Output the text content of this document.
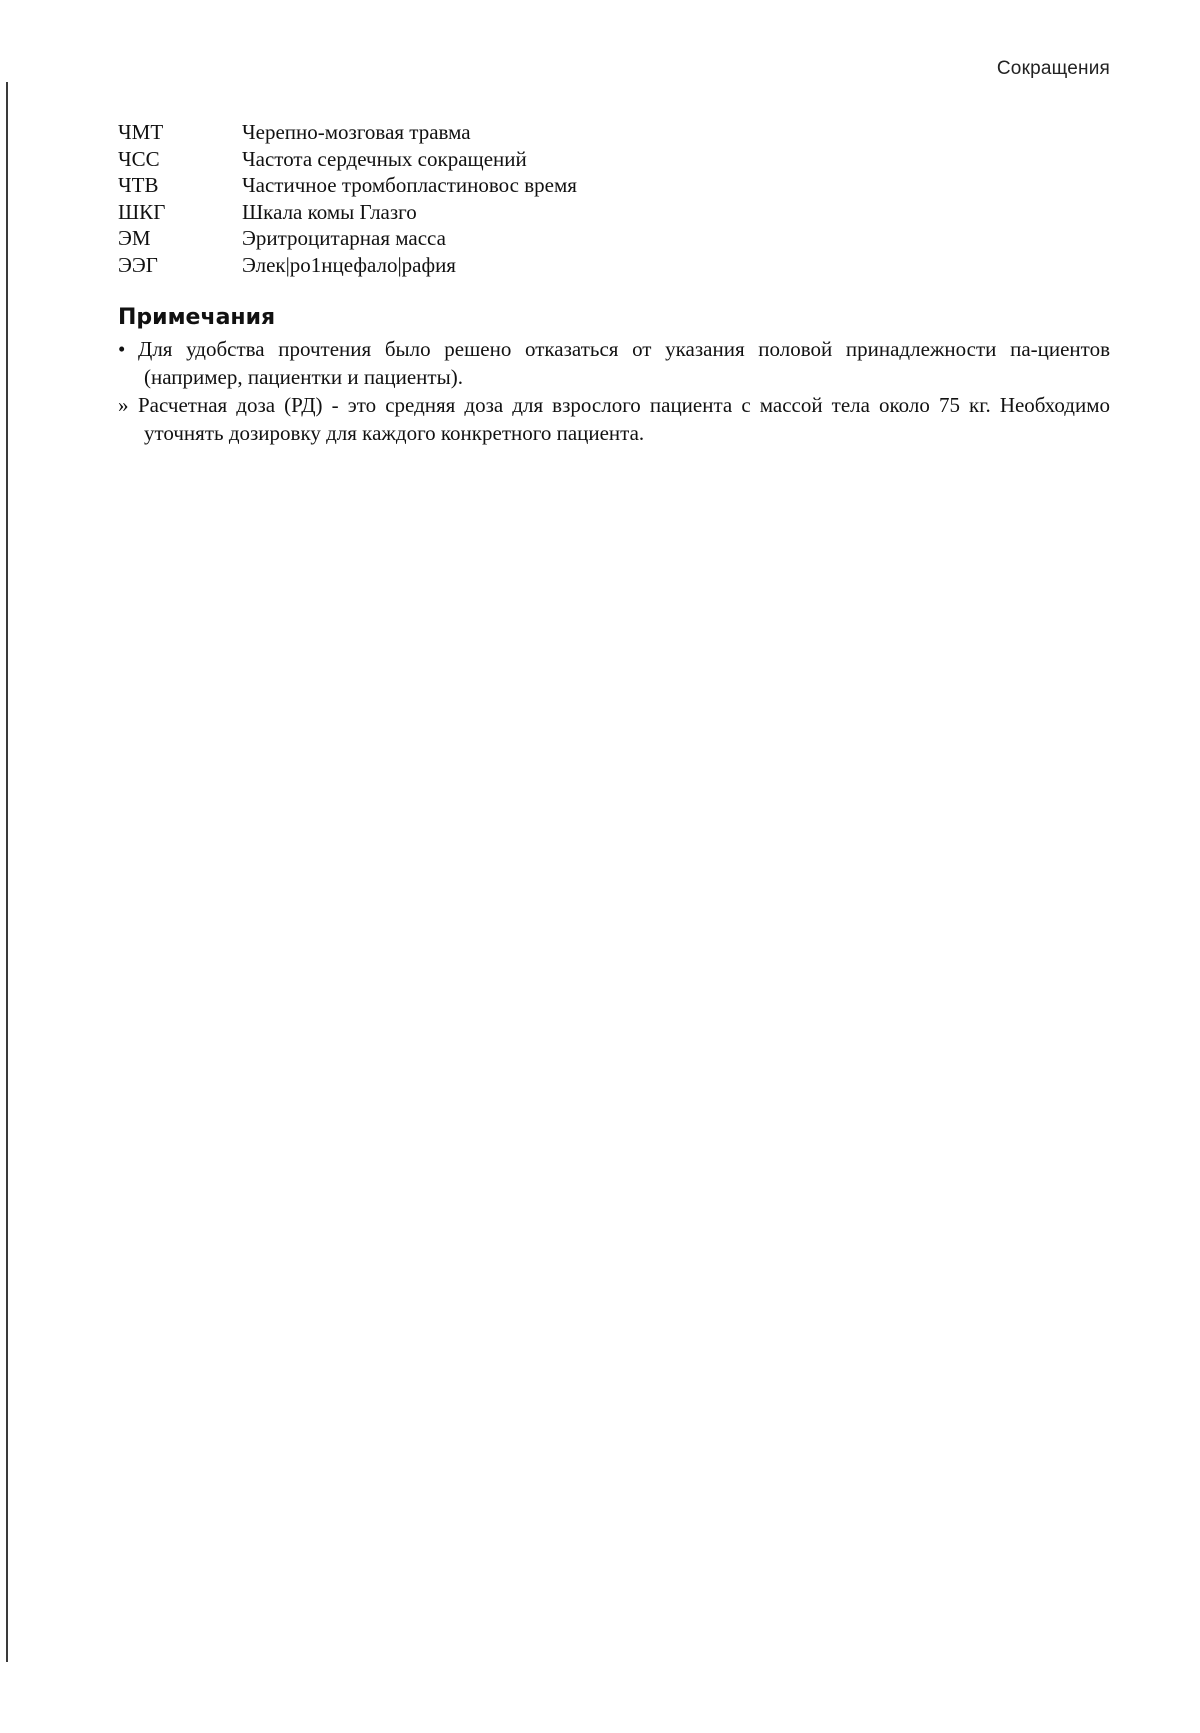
Сокращения
ЧМТ	Черепно-мозговая травма
ЧСС	Частота сердечных сокращений
ЧТВ	Частичное тромбопластиновос время
ШКГ	Шкала комы Глазго
ЭМ	Эритроцитарная масса
ЭЭГ	Элек|ро1нцефало|рафия
Примечания

• Для удобства прочтения было решено отказаться от указания половой принадлежности па-циентов (например, пациентки и пациенты).

» Расчетная доза (РД) - это средняя доза для взрослого пациента с массой тела около 75 кг. Необходимо уточнять дозировку для каждого конкретного пациента.
